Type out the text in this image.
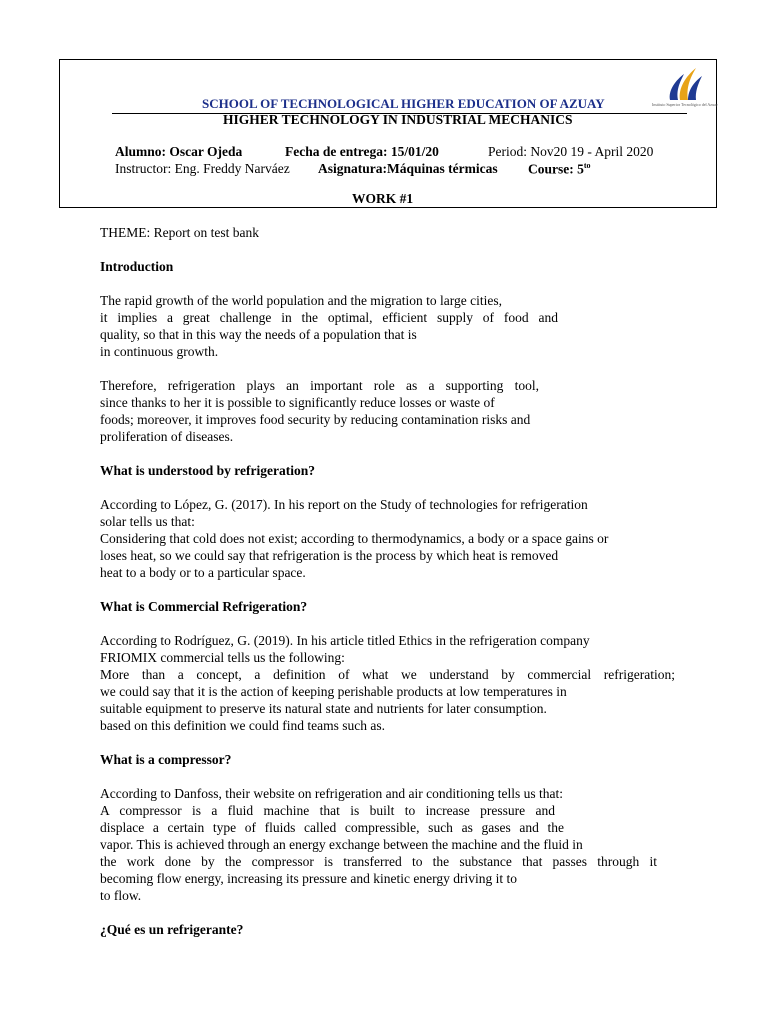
SCHOOL OF TECHNOLOGICAL HIGHER EDUCATION OF AZUAY
HIGHER TECHNOLOGY IN INDUSTRIAL MECHANICS
Instituto Superior Tecnológico del Azuay
Alumno: Oscar Ojeda	Fecha de entrega: 15/01/20	Period: Nov20 19 - April 2020
Instructor: Eng. Freddy Narváez Asignatura:Máquinas térmicas Course: $5^{to}$
WORK #1

THEME: Report on test bank

Introduction

The rapid growth of the world population and the migration to large cities,

it implies a great challenge in the optimal, efficient supply of food and

quality, so that in this way the needs of a population that is

in continuous growth.

Therefore, refrigeration plays an important role as a supporting tool,

since thanks to her it is possible to significantly reduce losses or waste of

foods; moreover, it improves food security by reducing contamination risks and

proliferation of diseases.

What is understood by refrigeration?

According to López, G. (2017). In his report on the Study of technologies for refrigeration

solar tells us that:

Considering that cold does not exist; according to thermodynamics, a body or a space gains or

loses heat, so we could say that refrigeration is the process by which heat is removed

heat to a body or to a particular space.

What is Commercial Refrigeration?

According to Rodríguez, G. (2019). In his article titled Ethics in the refrigeration company

FRIOMIX commercial tells us the following:

More than a concept, a definition of what we understand by commercial refrigeration;

we could say that it is the action of keeping perishable products at low temperatures in

suitable equipment to preserve its natural state and nutrients for later consumption.

based on this definition we could find teams such as.

What is a compressor?

According to Danfoss, their website on refrigeration and air conditioning tells us that:

A compressor is a fluid machine that is built to increase pressure and

displace a certain type of fluids called compressible, such as gases and the

vapor. This is achieved through an energy exchange between the machine and the fluid in

the work done by the compressor is transferred to the substance that passes through it

becoming flow energy, increasing its pressure and kinetic energy driving it to

to flow.

¿Qué es un refrigerante?
